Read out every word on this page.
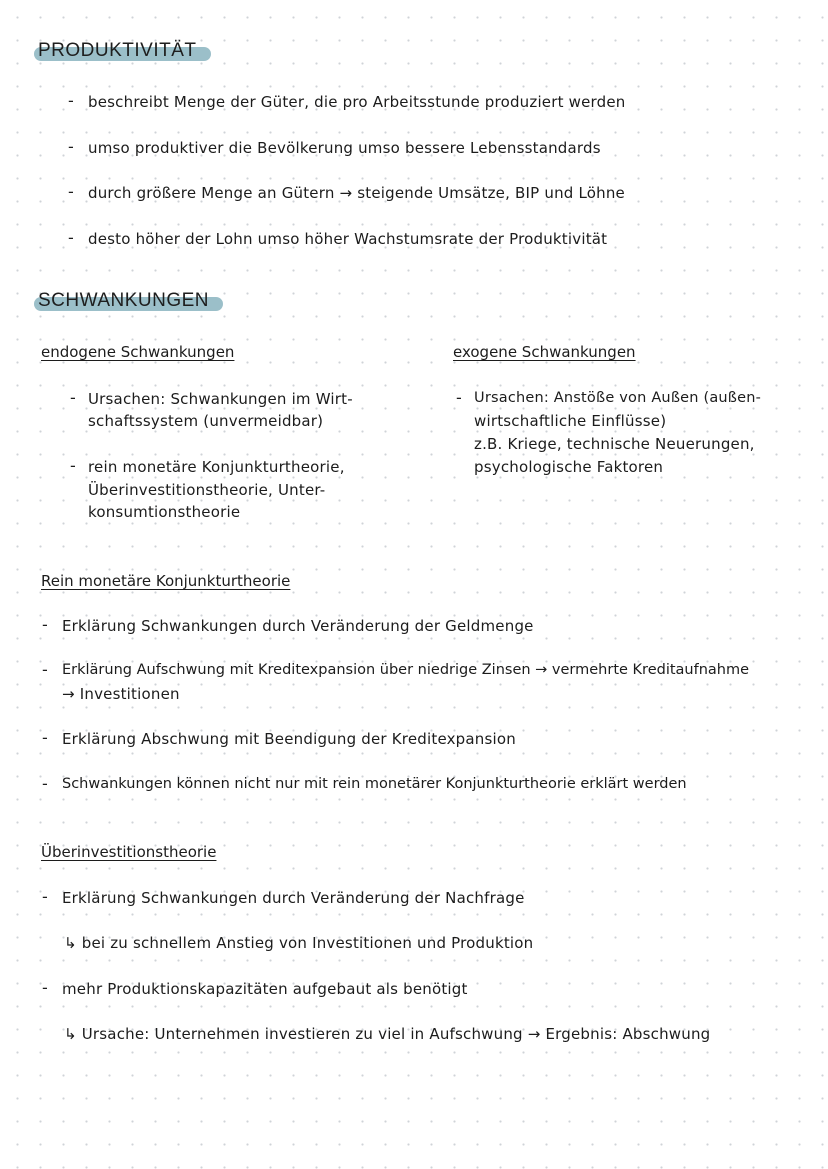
PRODUKTIVITÄT
- beschreibt Menge der Güter, die pro Arbeitsstunde produziert werden
- umso produktiver die Bevölkerung umso bessere Lebensstandards
- durch größere Menge an Gütern → steigende Umsätze, BIP und Löhne
- desto höher der Lohn umso höher Wachstumsrate der Produktivität
SCHWANKUNGEN
endogene Schwankungen
- Ursachen: Schwankungen im Wirt-
schaftssystem (unvermeidbar)
- rein monetäre Konjunkturtheorie,
Überinvestitionstheorie, Unter-
konsumtionstheorie
exogene Schwankungen
- Ursachen: Anstöße von Außen (außen-
wirtschaftliche Einflüsse)
z.B. Kriege, technische Neuerungen,
psychologische Faktoren
Rein monetäre Konjunkturtheorie
- Erklärung Schwankungen durch Veränderung der Geldmenge
- Erklärung Aufschwung mit Kreditexpansion über niedrige Zinsen → vermehrte Kreditaufnahme
→ Investitionen
- Erklärung Abschwung mit Beendigung der Kreditexpansion
- Schwankungen können nicht nur mit rein monetärer Konjunkturtheorie erklärt werden
Überinvestitionstheorie
- Erklärung Schwankungen durch Veränderung der Nachfrage
↳ bei zu schnellem Anstieg von Investitionen und Produktion
- mehr Produktionskapazitäten aufgebaut als benötigt
↳ Ursache: Unternehmen investieren zu viel in Aufschwung → Ergebnis: Abschwung
